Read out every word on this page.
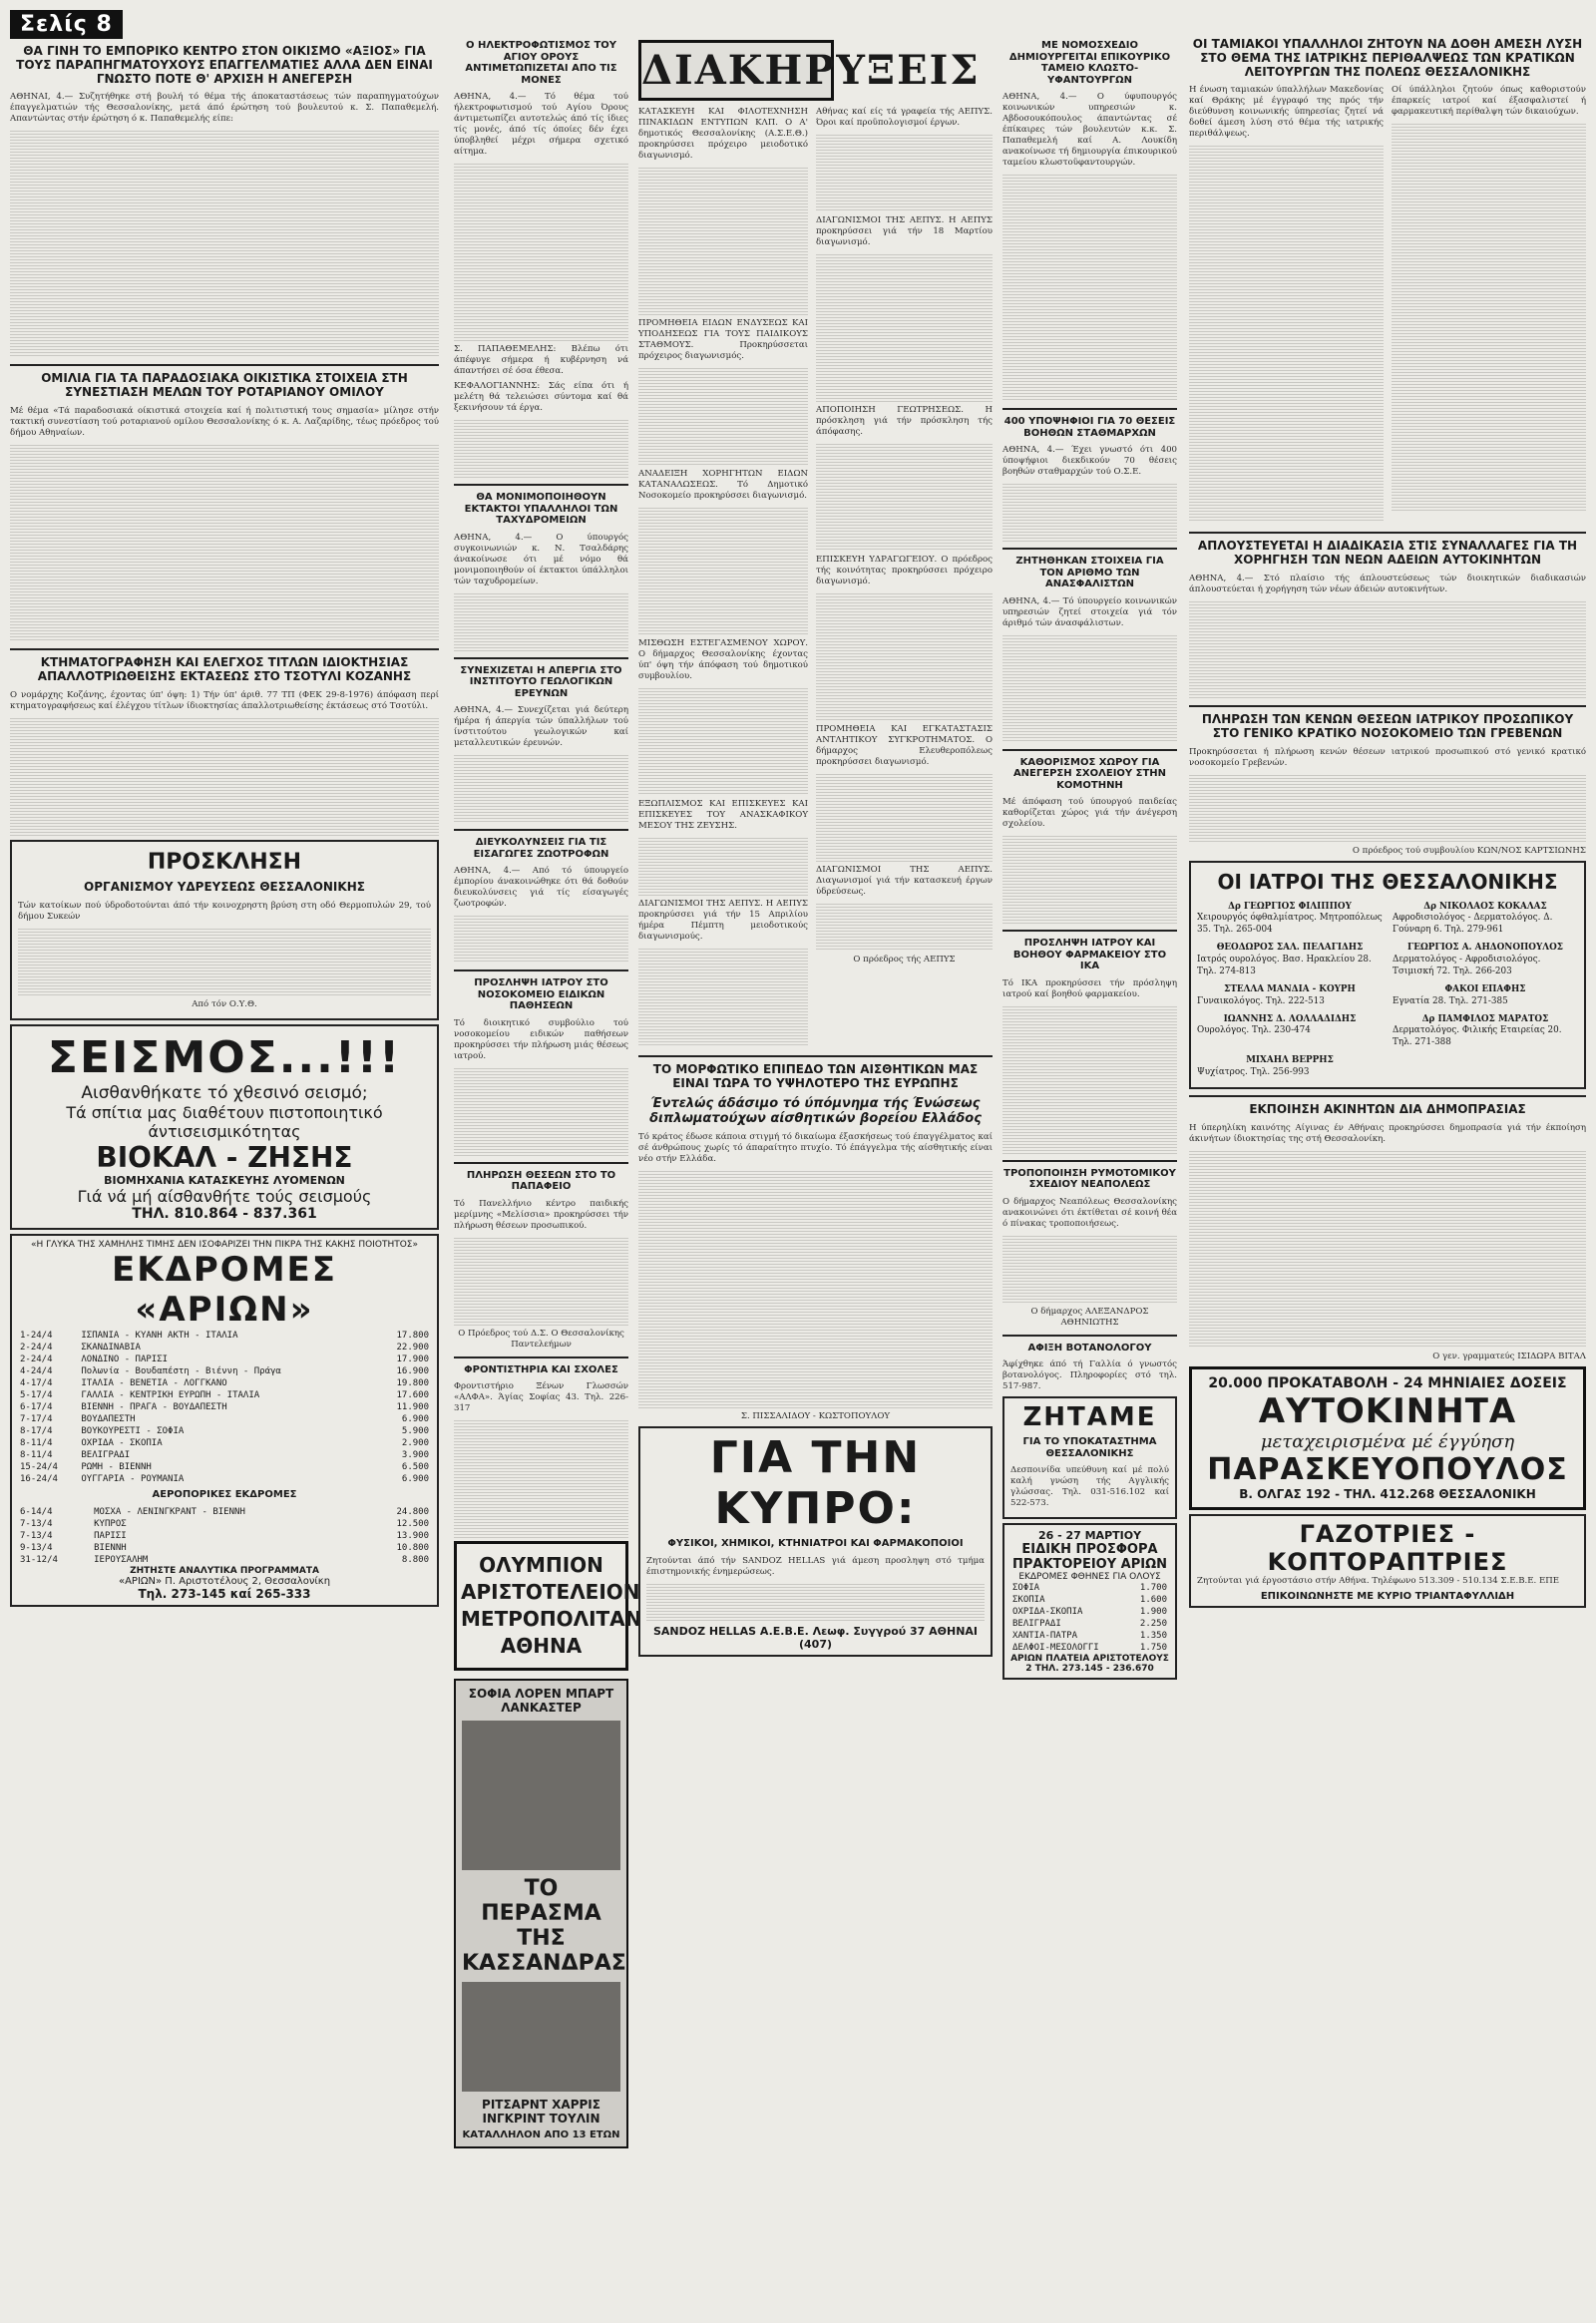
Σελίς 8
ΘΑ ΓΙΝΗ ΤΟ ΕΜΠΟΡΙΚΟ ΚΕΝΤΡΟ ΣΤΟΝ ΟΙΚΙΣΜΟ «ΑΞΙΟΣ» ΓΙΑ ΤΟΥΣ ΠΑΡΑΠΗΓΜΑΤΟΥΧΟΥΣ ΕΠΑΓΓΕΛΜΑΤΙΕΣ ΑΛΛΑ ΔΕΝ ΕΙΝΑΙ ΓΝΩΣΤΟ ΠΟΤΕ Θ' ΑΡΧΙΣΗ Η ΑΝΕΓΕΡΣΗ

ΑΘΗΝΑΙ, 4.— Συζητήθηκε στή βουλή τό θέμα τής άποκαταστάσεως τών παραπηγματούχων έπαγγελματιών τής Θεσσαλονίκης, μετά άπό έρώτηση τού βουλευτού κ. Σ. Παπαθεμελή. Απαντώντας στήν έρώτηση ό κ. Παπαθεμελής είπε:

ΟΜΙΛΙΑ ΓΙΑ ΤΑ ΠΑΡΑΔΟΣΙΑΚΑ ΟΙΚΙΣΤΙΚΑ ΣΤΟΙΧΕΙΑ ΣΤΗ ΣΥΝΕΣΤΙΑΣΗ ΜΕΛΩΝ ΤΟΥ ΡΟΤΑΡΙΑΝΟΥ ΟΜΙΛΟΥ

Μέ θέμα «Τά παραδοσιακά οίκιστικά στοιχεία καί ή πολιτιστική τους σημασία» μίλησε στήν τακτική συνεστίαση τού ροταριανού ομίλου Θεσσαλονίκης ό κ. Α. Λαζαρίδης, τέως πρόεδρος τού δήμου Αθηναίων.

ΚΤΗΜΑΤΟΓΡΑΦΗΣΗ ΚΑΙ ΕΛΕΓΧΟΣ ΤΙΤΛΩΝ ΙΔΙΟΚΤΗΣΙΑΣ ΑΠΑΛΛΟΤΡΙΩΘΕΙΣΗΣ ΕΚΤΑΣΕΩΣ ΣΤΟ ΤΣΟΤΥΛΙ ΚΟΖΑΝΗΣ

Ο νομάρχης Κοζάνης, έχοντας ύπ' όψη: 1) Τήν ύπ' άριθ. 77 ΤΠ (ΦΕΚ 29-8-1976) άπόφαση περί κτηματογραφήσεως καί έλέγχου τίτλων ίδιοκτησίας άπαλλοτριωθείσης έκτάσεως στό Τσοτύλι.

ΠΡΟΣΚΛΗΣΗ
ΟΡΓΑΝΙΣΜΟΥ ΥΔΡΕΥΣΕΩΣ ΘΕΣΣΑΛΟΝΙΚΗΣ

Τών κατοίκων πού ύδροδοτούνται άπό τήν κοινοχρηστη βρύση στη οδό Θερμοπυλών 29, τού δήμου Συκεών

Από τόν Ο.Υ.Θ.

ΣΕΙΣΜΟΣ...!!!
Αισθανθήκατε τό χθεσινό σεισμό;
Τά σπίτια μας διαθέτουν πιστοποιητικό άντισεισμικότητας
ΒΙΟΚΑΛ - ΖΗΣΗΣ
ΒΙΟΜΗΧΑΝΙΑ ΚΑΤΑΣΚΕΥΗΣ ΛΥΟΜΕΝΩΝ
Γιά νά μή αίσθανθήτε τούς σεισμούς
ΤΗΛ. 810.864 - 837.361
«Η ΓΛΥΚΑ ΤΗΣ ΧΑΜΗΛΗΣ ΤΙΜΗΣ ΔΕΝ ΙΣΟΦΑΡΙΖΕΙ ΤΗΝ ΠΙΚΡΑ ΤΗΣ ΚΑΚΗΣ ΠΟΙΟΤΗΤΟΣ»
ΕΚΔΡΟΜΕΣ «ΑΡΙΩΝ»
1-24/4	ΙΣΠΑΝΙΑ - ΚΥΑΝΗ ΑΚΤΗ - ΙΤΑΛΙΑ	17.800
2-24/4	ΣΚΑΝΔΙΝΑΒΙΑ	22.900
2-24/4	ΛΟΝΔΙΝΟ - ΠΑΡΙΣΙ	17.900
4-24/4	Πολωνία - Βουδαπέστη - Βιέννη - Πράγα	16.900
4-17/4	ΙΤΑΛΙΑ - ΒΕΝΕΤΙΑ - ΛΟΓΓΚΑΝΟ	19.800
5-17/4	ΓΑΛΛΙΑ - ΚΕΝΤΡΙΚΗ ΕΥΡΩΠΗ - ΙΤΑΛΙΑ	17.600
6-17/4	ΒΙΕΝΝΗ - ΠΡΑΓΑ - ΒΟΥΔΑΠΕΣΤΗ	11.900
7-17/4	ΒΟΥΔΑΠΕΣΤΗ	6.900
8-17/4	ΒΟΥΚΟΥΡΕΣΤΙ - ΣΟΦΙΑ	5.900
8-11/4	ΟΧΡΙΔΑ - ΣΚΟΠΙΑ	2.900
8-11/4	ΒΕΛΙΓΡΑΔΙ	3.900
15-24/4	ΡΩΜΗ - ΒΙΕΝΝΗ	6.500
16-24/4	ΟΥΓΓΑΡΙΑ - ΡΟΥΜΑΝΙΑ	6.900
ΑΕΡΟΠΟΡΙΚΕΣ ΕΚΔΡΟΜΕΣ
6-14/4	ΜΟΣΧΑ - ΛΕΝΙΝΓΚΡΑΝΤ - ΒΙΕΝΝΗ	24.800
7-13/4	ΚΥΠΡΟΣ	12.500
7-13/4	ΠΑΡΙΣΙ	13.900
9-13/4	ΒΙΕΝΝΗ	10.800
31-12/4	ΙΕΡΟΥΣΑΛΗΜ	8.800
ΖΗΤΗΣΤΕ ΑΝΑΛΥΤΙΚΑ ΠΡΟΓΡΑΜΜΑΤΑ
«ΑΡΙΩΝ» Π. Αριστοτέλους 2, Θεσσαλονίκη
Τηλ. 273-145 καί 265-333
Ο ΗΛΕΚΤΡΟΦΩΤΙΣΜΟΣ ΤΟΥ ΑΓΙΟΥ ΟΡΟΥΣ ΑΝΤΙΜΕΤΩΠΙΖΕΤΑΙ ΑΠΟ ΤΙΣ ΜΟΝΕΣ

ΑΘΗΝΑ, 4.— Τό θέμα τού ήλεκτροφωτισμού τού Αγίου Όρους άντιμετωπίζει αυτοτελώς άπό τίς ίδιες τίς μονές, άπό τίς όποίες δέν έχει ύποβληθεί μέχρι σήμερα σχετικό αίτημα.

Σ. ΠΑΠΑΘΕΜΕΛΗΣ: Βλέπω ότι άπέφυγε σήμερα ή κυβέρνηση νά άπαντήσει σέ όσα έθεσα.

ΚΕΦΑΛΟΓΙΑΝΝΗΣ: Σάς είπα ότι ή μελέτη θά τελειώσει σύντομα καί θά ξεκινήσουν τά έργα.

ΘΑ ΜΟΝΙΜΟΠΟΙΗΘΟΥΝ ΕΚΤΑΚΤΟΙ ΥΠΑΛΛΗΛΟΙ ΤΩΝ ΤΑΧΥΔΡΟΜΕΙΩΝ

ΑΘΗΝΑ, 4.— Ο ύπουργός συγκοινωνιών κ. Ν. Τσαλδάρης άνακοίνωσε ότι μέ νόμο θά μονιμοποιηθούν οί έκτακτοι ύπάλληλοι τών ταχυδρομείων.

ΣΥΝΕΧΙΖΕΤΑΙ Η ΑΠΕΡΓΙΑ ΣΤΟ ΙΝΣΤΙΤΟΥΤΟ ΓΕΩΛΟΓΙΚΩΝ ΕΡΕΥΝΩΝ

ΑΘΗΝΑ, 4.— Συνεχίζεται γιά δεύτερη ήμέρα ή άπεργία τών ύπαλλήλων τού ίνστιτούτου γεωλογικών καί μεταλλευτικών έρευνών.

ΔΙΕΥΚΟΛΥΝΣΕΙΣ ΓΙΑ ΤΙΣ ΕΙΣΑΓΩΓΕΣ ΖΩΟΤΡΟΦΩΝ

ΑΘΗΝΑ, 4.— Από τό ύπουργείο έμπορίου άνακοινώθηκε ότι θά δοθούν διευκολύνσεις γιά τίς είσαγωγές ζωοτροφών.

ΠΡΟΣΛΗΨΗ ΙΑΤΡΟΥ ΣΤΟ ΝΟΣΟΚΟΜΕΙΟ ΕΙΔΙΚΩΝ ΠΑΘΗΣΕΩΝ

Τό διοικητικό συμβούλιο τού νοσοκομείου ειδικών παθήσεων προκηρύσσει τήν πλήρωση μιάς θέσεως ιατρού.

ΠΛΗΡΩΣΗ ΘΕΣΕΩΝ ΣΤΟ ΤΟ ΠΑΠΑΦΕΙΟ

Τό Πανελλήνιο κέντρο παιδικής μερίμνης «Μελίσσια» προκηρύσσει τήν πλήρωση θέσεων προσωπικού.

Ο Πρόεδρος τού Δ.Σ. Ο Θεσσαλονίκης Παντελεήμων

ΦΡΟΝΤΙΣΤΗΡΙΑ ΚΑΙ ΣΧΟΛΕΣ

Φροντιστήριο Ξένων Γλωσσών «ΑΛΦΑ». Άγίας Σοφίας 43. Τηλ. 226-317

ΟΛΥΜΠΙΟΝ ΑΡΙΣΤΟΤΕΛΕΙΟΝ ΜΕΤΡΟΠΟΛΙΤΑΝ ΑΘΗΝΑ
ΣΟΦΙΑ ΛΟΡΕΝ ΜΠΑΡΤ ΛΑΝΚΑΣΤΕΡ
ΤΟ ΠΕΡΑΣΜΑ ΤΗΣ ΚΑΣΣΑΝΔΡΑΣ
ΡΙΤΣΑΡΝΤ ΧΑΡΡΙΣ ΙΝΓΚΡΙΝΤ ΤΟΥΛΙΝ
ΚΑΤΑΛΛΗΛΟΝ ΑΠΟ 13 ΕΤΩΝ
ΔΙΑΚΗΡΥΞΕΙΣ

ΚΑΤΑΣΚΕΥΗ ΚΑΙ ΦΙΛΟΤΕΧΝΗΣΗ ΠΙΝΑΚΙΔΩΝ ΕΝΤΥΠΩΝ ΚΛΠ. Ο Α' δημοτικός Θεσσαλονίκης (Α.Σ.Ε.Θ.) προκηρύσσει πρόχειρο μειοδοτικό διαγωνισμό.

ΠΡΟΜΗΘΕΙΑ ΕΙΔΩΝ ΕΝΔΥΣΕΩΣ ΚΑΙ ΥΠΟΔΗΣΕΩΣ ΓΙΑ ΤΟΥΣ ΠΑΙΔΙΚΟΥΣ ΣΤΑΘΜΟΥΣ. Προκηρύσσεται πρόχειρος διαγωνισμός.

ΑΝΑΔΕΙΞΗ ΧΟΡΗΓΗΤΩΝ ΕΙΔΩΝ ΚΑΤΑΝΑΛΩΣΕΩΣ. Τό Δημοτικό Νοσοκομείο προκηρύσσει διαγωνισμό.

ΜΙΣΘΩΣΗ ΕΣΤΕΓΑΣΜΕΝΟΥ ΧΩΡΟΥ. Ο δήμαρχος Θεσσαλονίκης έχοντας ύπ' όψη τήν άπόφαση τού δημοτικού συμβουλίου.

ΕΞΩΠΛΙΣΜΟΣ ΚΑΙ ΕΠΙΣΚΕΥΕΣ ΚΑΙ ΕΠΙΣΚΕΥΕΣ ΤΟΥ ΑΝΑΣΚΑΦΙΚΟΥ ΜΕΣΟΥ ΤΗΣ ΖΕΥΣΗΣ.

ΔΙΑΓΩΝΙΣΜΟΙ ΤΗΣ ΑΕΠΥΣ. Η ΑΕΠΥΣ προκηρύσσει γιά τήν 15 Απριλίου ήμέρα Πέμπτη μειοδοτικούς διαγωνισμούς.

Αθήνας καί είς τά γραφεία τής ΑΕΠΥΣ. Όροι καί προϋπολογισμοί έργων.

ΔΙΑΓΩΝΙΣΜΟΙ ΤΗΣ ΑΕΠΥΣ. Η ΑΕΠΥΣ προκηρύσσει γιά τήν 18 Μαρτίου διαγωνισμό.

ΑΠΟΠΟΙΗΣΗ ΓΕΩΤΡΗΣΕΩΣ. Η πρόσκληση γιά τήν πρόσκληση τής άπόφασης.

ΕΠΙΣΚΕΥΗ ΥΔΡΑΓΩΓΕΙΟΥ. Ο πρόεδρος τής κοινότητας προκηρύσσει πρόχειρο διαγωνισμό.

ΠΡΟΜΗΘΕΙΑ ΚΑΙ ΕΓΚΑΤΑΣΤΑΣΙΣ ΑΝΤΛΗΤΙΚΟΥ ΣΥΓΚΡΟΤΗΜΑΤΟΣ. Ο δήμαρχος Ελευθεροπόλεως προκηρύσσει διαγωνισμό.

ΔΙΑΓΩΝΙΣΜΟΙ ΤΗΣ ΑΕΠΥΣ. Διαγωνισμοί γιά τήν κατασκευή έργων ύδρεύσεως.

Ο πρόεδρος τής ΑΕΠΥΣ

ΤΟ ΜΟΡΦΩΤΙΚΟ ΕΠΙΠΕΔΟ ΤΩΝ ΑΙΣΘΗΤΙΚΩΝ ΜΑΣ ΕΙΝΑΙ ΤΩΡΑ ΤΟ ΥΨΗΛΟΤΕΡΟ ΤΗΣ ΕΥΡΩΠΗΣ
Έντελώς άδάσιμο τό ύπόμνημα τής Ένώσεως διπλωματούχων αίσθητικών βορείου Ελλάδος

Τό κράτος έδωσε κάποια στιγμή τό δικαίωμα έξασκήσεως τού έπαγγέλματος καί σέ άνθρώπους χωρίς τό άπαραίτητο πτυχίο. Τό έπάγγελμα τής αίσθητικής είναι νέο στήν Ελλάδα.

Σ. ΠΙΣΣΑΛΙΔΟΥ - ΚΩΣΤΟΠΟΥΛΟΥ

ΓΙΑ ΤΗΝ ΚΥΠΡΟ:
ΦΥΣΙΚΟΙ, ΧΗΜΙΚΟΙ, ΚΤΗΝΙΑΤΡΟΙ ΚΑΙ ΦΑΡΜΑΚΟΠΟΙΟΙ

Ζητούνται άπό τήν SANDOZ HELLAS γιά άμεση προσληψη στό τμήμα έπιστημονικής ένημερώσεως.

SANDOZ HELLAS A.E.B.E. Λεωφ. Συγγρού 37 ΑΘΗΝΑΙ (407)
ΜΕ ΝΟΜΟΣΧΕΔΙΟ ΔΗΜΙΟΥΡΓΕΙΤΑΙ ΕΠΙΚΟΥΡΙΚΟ ΤΑΜΕΙΟ ΚΛΩΣΤΟ-ΥΦΑΝΤΟΥΡΓΩΝ

ΑΘΗΝΑ, 4.— Ο ύφυπουργός κοινωνικών υπηρεσιών κ. Αβδοσουκόπουλος άπαντώντας σέ έπίκαιρες τών βουλευτών κ.κ. Σ. Παπαθεμελή καί Α. Λουκίδη ανακοίνωσε τή δημιουργία έπικουρικού ταμείου κλωστοϋφαντουργών.

400 ΥΠΟΨΗΦΙΟΙ ΓΙΑ 70 ΘΕΣΕΙΣ ΒΟΗΘΩΝ ΣΤΑΘΜΑΡΧΩΝ

ΑΘΗΝΑ, 4.— Έχει γνωστό ότι 400 ύποψήφιοι διεκδικούν 70 θέσεις βοηθών σταθμαρχών τού Ο.Σ.Ε.

ΖΗΤΗΘΗΚΑΝ ΣΤΟΙΧΕΙΑ ΓΙΑ ΤΟΝ ΑΡΙΘΜΟ ΤΩΝ ΑΝΑΣΦΑΛΙΣΤΩΝ

ΑΘΗΝΑ, 4.— Τό ύπουργείο κοινωνικών υπηρεσιών ζητεί στοιχεία γιά τόν άριθμό τών άνασφάλιστων.

ΚΑΘΟΡΙΣΜΟΣ ΧΩΡΟΥ ΓΙΑ ΑΝΕΓΕΡΣΗ ΣΧΟΛΕΙΟΥ ΣΤΗΝ ΚΟΜΟΤΗΝΗ

Μέ άπόφαση τού ύπουργού παιδείας καθορίζεται χώρος γιά τήν άνέγερση σχολείου.

ΠΡΟΣΛΗΨΗ ΙΑΤΡΟΥ ΚΑΙ ΒΟΗΘΟΥ ΦΑΡΜΑΚΕΙΟΥ ΣΤΟ ΙΚΑ

Τό ΙΚΑ προκηρύσσει τήν πρόσληψη ιατρού καί βοηθού φαρμακείου.

ΤΡΟΠΟΠΟΙΗΣΗ ΡΥΜΟΤΟΜΙΚΟΥ ΣΧΕΔΙΟΥ ΝΕΑΠΟΛΕΩΣ

Ο δήμαρχος Νεαπόλεως Θεσσαλονίκης ανακοινώνει ότι έκτίθεται σέ κοινή θέα ό πίνακας τροποποιήσεως.

Ο δήμαρχος ΑΛΕΞΑΝΔΡΟΣ ΑΘΗΝΙΩΤΗΣ

ΑΦΙΞΗ ΒΟΤΑΝΟΛΟΓΟΥ

Άφίχθηκε άπό τή Γαλλία ό γνωστός βοτανολόγος. Πληροφορίες στό τηλ. 517-987.

ΖΗΤΑΜΕ
ΓΙΑ ΤΟ ΥΠΟΚΑΤΑΣΤΗΜΑ ΘΕΣΣΑΛΟΝΙΚΗΣ

Δεσποινίδα υπεύθυνη καί μέ πολύ καλή γνώση τής Αγγλικής γλώσσας. Τηλ. 031-516.102 καί 522-573.

26 - 27 ΜΑΡΤΙΟΥ
ΕΙΔΙΚΗ ΠΡΟΣΦΟΡΑ ΠΡΑΚΤΟΡΕΙΟΥ ΑΡΙΩΝ
ΕΚΔΡΟΜΕΣ ΦΘΗΝΕΣ ΓΙΑ ΟΛΟΥΣ
ΣΟΦΙΑ	1.700
ΣΚΟΠΙΑ	1.600
ΟΧΡΙΔΑ-ΣΚΟΠΙΑ	1.900
ΒΕΛΙΓΡΑΔΙ	2.250
ΧΑΝΤΙΑ-ΠΑΤΡΑ	1.350
ΔΕΛΦΟΙ-ΜΕΣΟΛΟΓΓΙ	1.750
ΑΡΙΩΝ ΠΛΑΤΕΙΑ ΑΡΙΣΤΟΤΕΛΟΥΣ 2 ΤΗΛ. 273.145 - 236.670
ΟΙ ΤΑΜΙΑΚΟΙ ΥΠΑΛΛΗΛΟΙ ΖΗΤΟΥΝ ΝΑ ΔΟΘΗ ΑΜΕΣΗ ΛΥΣΗ ΣΤΟ ΘΕΜΑ ΤΗΣ ΙΑΤΡΙΚΗΣ ΠΕΡΙΘΑΛΨΕΩΣ ΤΩΝ ΚΡΑΤΙΚΩΝ ΛΕΙΤΟΥΡΓΩΝ ΤΗΣ ΠΟΛΕΩΣ ΘΕΣΣΑΛΟΝΙΚΗΣ

Η ένωση ταμιακών ύπαλλήλων Μακεδονίας καί Θράκης μέ έγγραφό της πρός τήν διεύθυνση κοινωνικής ύπηρεσίας ζητεί νά δοθεί άμεση λύση στό θέμα τής ιατρικής περιθάλψεως.

Οί ύπάλληλοι ζητούν όπως καθοριστούν έπαρκείς ιατροί καί έξασφαλιστεί ή φαρμακευτική περίθαλψη τών δικαιούχων.

ΑΠΛΟΥΣΤΕΥΕΤΑΙ Η ΔΙΑΔΙΚΑΣΙΑ ΣΤΙΣ ΣΥΝΑΛΛΑΓΕΣ ΓΙΑ ΤΗ ΧΟΡΗΓΗΣΗ ΤΩΝ ΝΕΩΝ ΑΔΕΙΩΝ ΑΥΤΟΚΙΝΗΤΩΝ

ΑΘΗΝΑ, 4.— Στό πλαίσιο τής άπλουστεύσεως τών διοικητικών διαδικασιών άπλουστεύεται ή χορήγηση τών νέων άδειών αυτοκινήτων.

ΠΛΗΡΩΣΗ ΤΩΝ ΚΕΝΩΝ ΘΕΣΕΩΝ ΙΑΤΡΙΚΟΥ ΠΡΟΣΩΠΙΚΟΥ ΣΤΟ ΓΕΝΙΚΟ ΚΡΑΤΙΚΟ ΝΟΣΟΚΟΜΕΙΟ ΤΩΝ ΓΡΕΒΕΝΩΝ

Προκηρύσσεται ή πλήρωση κενών θέσεων ιατρικού προσωπικού στό γενικό κρατικό νοσοκομείο Γρεβενών.

Ο πρόεδρος τού συμβουλίου ΚΩΝ/ΝΟΣ ΚΑΡΤΣΙΩΝΗΣ

ΟΙ ΙΑΤΡΟΙ ΤΗΣ ΘΕΣΣΑΛΟΝΙΚΗΣ
Δρ ΓΕΩΡΓΙΟΣ ΦΙΛΙΠΠΟΥ
Χειρουργός όφθαλμίατρος. Μητροπόλεως 35. Τηλ. 265-004
Δρ ΝΙΚΟΛΑΟΣ ΚΟΚΑΛΑΣ
Αφροδισιολόγος - Δερματολόγος. Δ. Γούναρη 6. Τηλ. 279-961
ΘΕΟΔΩΡΟΣ ΣΑΛ. ΠΕΛΑΓΙΔΗΣ
Ιατρός ουρολόγος. Βασ. Ηρακλείου 28. Τηλ. 274-813
ΓΕΩΡΓΙΟΣ Α. ΑΗΔΟΝΟΠΟΥΛΟΣ
Δερματολόγος - Αφροδισιολόγος. Τσιμισκή 72. Τηλ. 266-203
ΣΤΕΛΛΑ ΜΑΝΔΙΑ - ΚΟΥΡΗ
Γυναικολόγος. Τηλ. 222-513
ΦΑΚΟΙ ΕΠΑΦΗΣ
Εγνατία 28. Τηλ. 271-385
ΙΩΑΝΝΗΣ Δ. ΛΟΛΛΑΔΙΔΗΣ
Ουρολόγος. Τηλ. 230-474
Δρ ΠΑΜΦΙΛΟΣ ΜΑΡΑΤΟΣ
Δερματολόγος. Φιλικής Εταιρείας 20. Τηλ. 271-388
ΜΙΧΑΗΛ ΒΕΡΡΗΣ
Ψυχίατρος. Τηλ. 256-993
ΕΚΠΟΙΗΣΗ ΑΚΙΝΗΤΩΝ ΔΙΑ ΔΗΜΟΠΡΑΣΙΑΣ

Η ύπερηλίκη καινότης Αίγινας έν Αθήναις προκηρύσσει δημοπρασία γιά τήν έκποίηση άκινήτων ίδιοκτησίας της στή Θεσσαλονίκη.

Ο γεν. γραμματεύς ΙΣΙΔΩΡΑ ΒΙΤΑΛ

20.000 ΠΡΟΚΑΤΑΒΟΛΗ - 24 ΜΗΝΙΑΙΕΣ ΔΟΣΕΙΣ
ΑΥΤΟΚΙΝΗΤΑ
μεταχειρισμένα μέ έγγύηση
ΠΑΡΑΣΚΕΥΟΠΟΥΛΟΣ
Β. ΟΛΓΑΣ 192 - ΤΗΛ. 412.268 ΘΕΣΣΑΛΟΝΙΚΗ
ΓΑΖΟΤΡΙΕΣ - ΚΟΠΤΟΡΑΠΤΡΙΕΣ

Ζητούνται γιά έργοστάσιο στήν Αθήνα. Τηλέφωνο 513.309 - 510.134 Σ.Ε.Β.Ε. ΕΠΕ

ΕΠΙΚΟΙΝΩΝΗΣΤΕ ΜΕ ΚΥΡΙΟ ΤΡΙΑΝΤΑΦΥΛΛΙΔΗ
